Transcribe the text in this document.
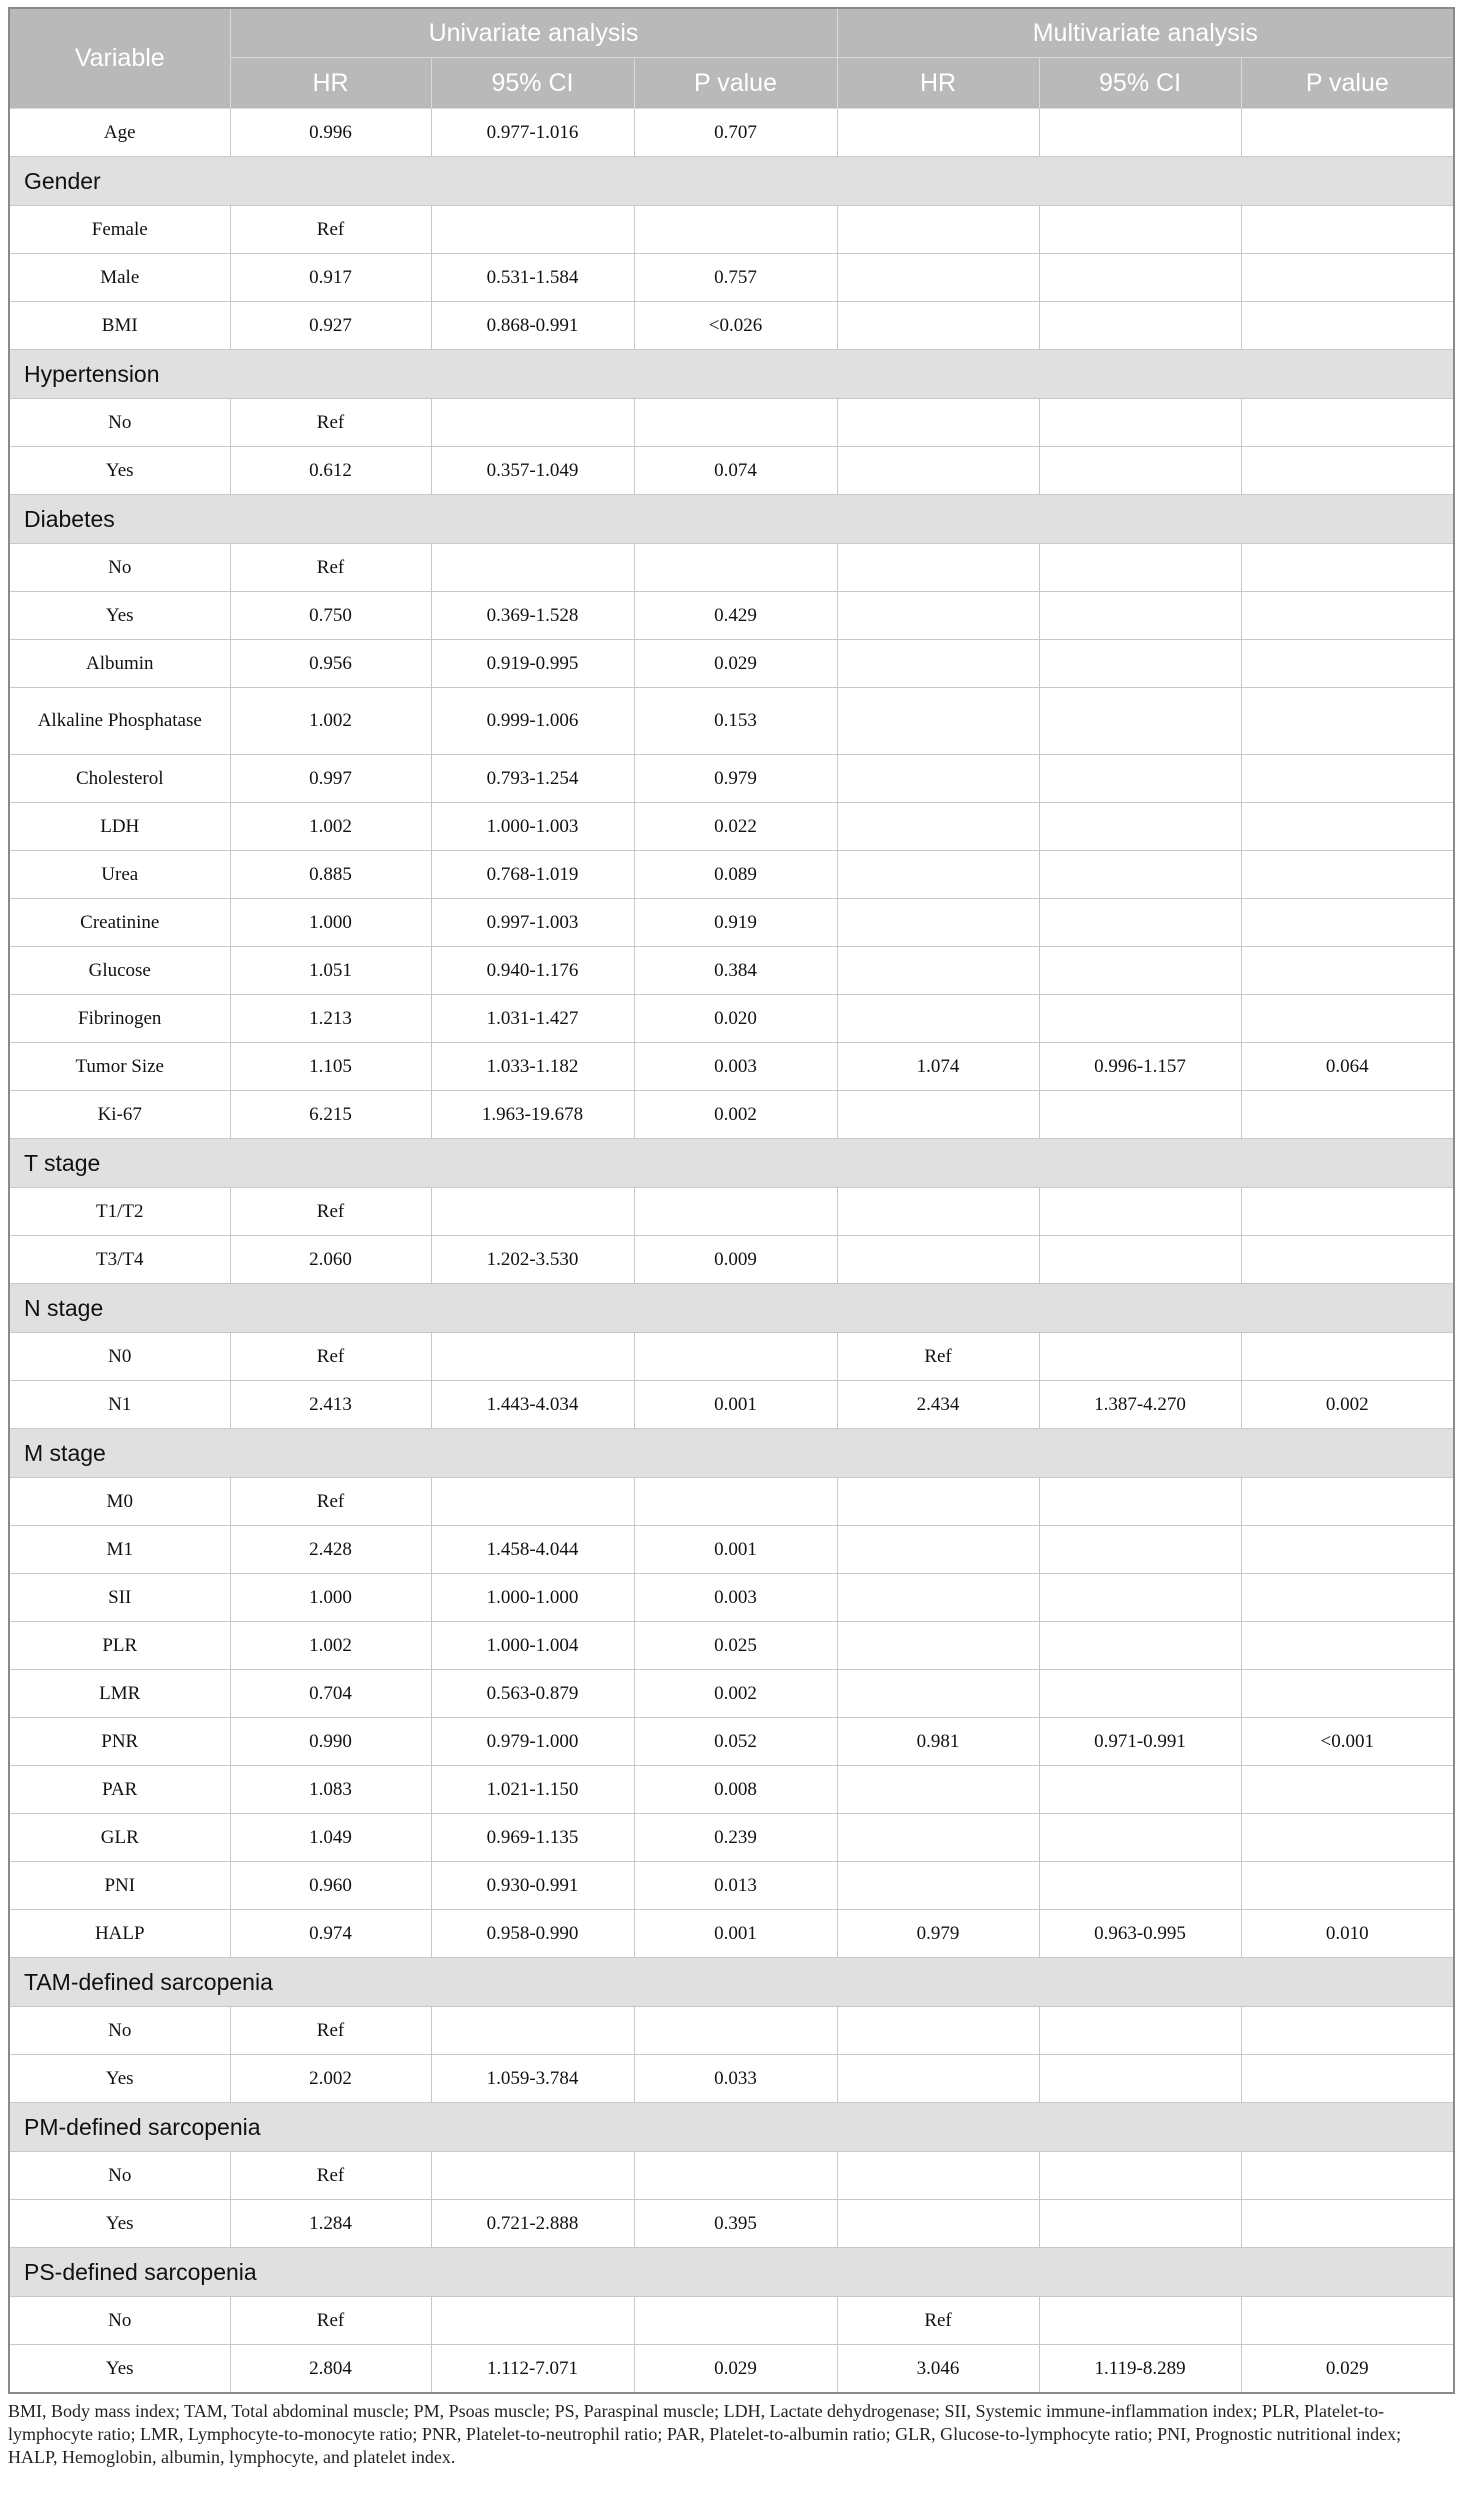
Variable	Univariate analysis			Multivariate analysis		
	HR	95% CI	P value	HR	95% CI	P value
Age	0.996	0.977-1.016	0.707			
Gender						
Female	Ref					
Male	0.917	0.531-1.584	0.757			
BMI	0.927	0.868-0.991	<0.026			
Hypertension						
No	Ref					
Yes	0.612	0.357-1.049	0.074			
Diabetes						
No	Ref					
Yes	0.750	0.369-1.528	0.429			
Albumin	0.956	0.919-0.995	0.029			
Alkaline Phosphatase	1.002	0.999-1.006	0.153			
Cholesterol	0.997	0.793-1.254	0.979			
LDH	1.002	1.000-1.003	0.022			
Urea	0.885	0.768-1.019	0.089			
Creatinine	1.000	0.997-1.003	0.919			
Glucose	1.051	0.940-1.176	0.384			
Fibrinogen	1.213	1.031-1.427	0.020			
Tumor Size	1.105	1.033-1.182	0.003	1.074	0.996-1.157	0.064
Ki-67	6.215	1.963-19.678	0.002			
T stage						
T1/T2	Ref					
T3/T4	2.060	1.202-3.530	0.009			
N stage						
N0	Ref			Ref		
N1	2.413	1.443-4.034	0.001	2.434	1.387-4.270	0.002
M stage						
M0	Ref					
M1	2.428	1.458-4.044	0.001			
SII	1.000	1.000-1.000	0.003			
PLR	1.002	1.000-1.004	0.025			
LMR	0.704	0.563-0.879	0.002			
PNR	0.990	0.979-1.000	0.052	0.981	0.971-0.991	<0.001
PAR	1.083	1.021-1.150	0.008			
GLR	1.049	0.969-1.135	0.239			
PNI	0.960	0.930-0.991	0.013			
HALP	0.974	0.958-0.990	0.001	0.979	0.963-0.995	0.010
TAM-defined sarcopenia						
No	Ref					
Yes	2.002	1.059-3.784	0.033			
PM-defined sarcopenia						
No	Ref					
Yes	1.284	0.721-2.888	0.395			
PS-defined sarcopenia						
No	Ref			Ref		
Yes	2.804	1.112-7.071	0.029	3.046	1.119-8.289	0.029
BMI, Body mass index; TAM, Total abdominal muscle; PM, Psoas muscle; PS, Paraspinal muscle; LDH, Lactate dehydrogenase; SII, Systemic immune-inflammation index; PLR, Platelet-to-lymphocyte ratio; LMR, Lymphocyte-to-monocyte ratio; PNR, Platelet-to-neutrophil ratio; PAR, Platelet-to-albumin ratio; GLR, Glucose-to-lymphocyte ratio; PNI, Prognostic nutritional index; HALP, Hemoglobin, albumin, lymphocyte, and platelet index.
